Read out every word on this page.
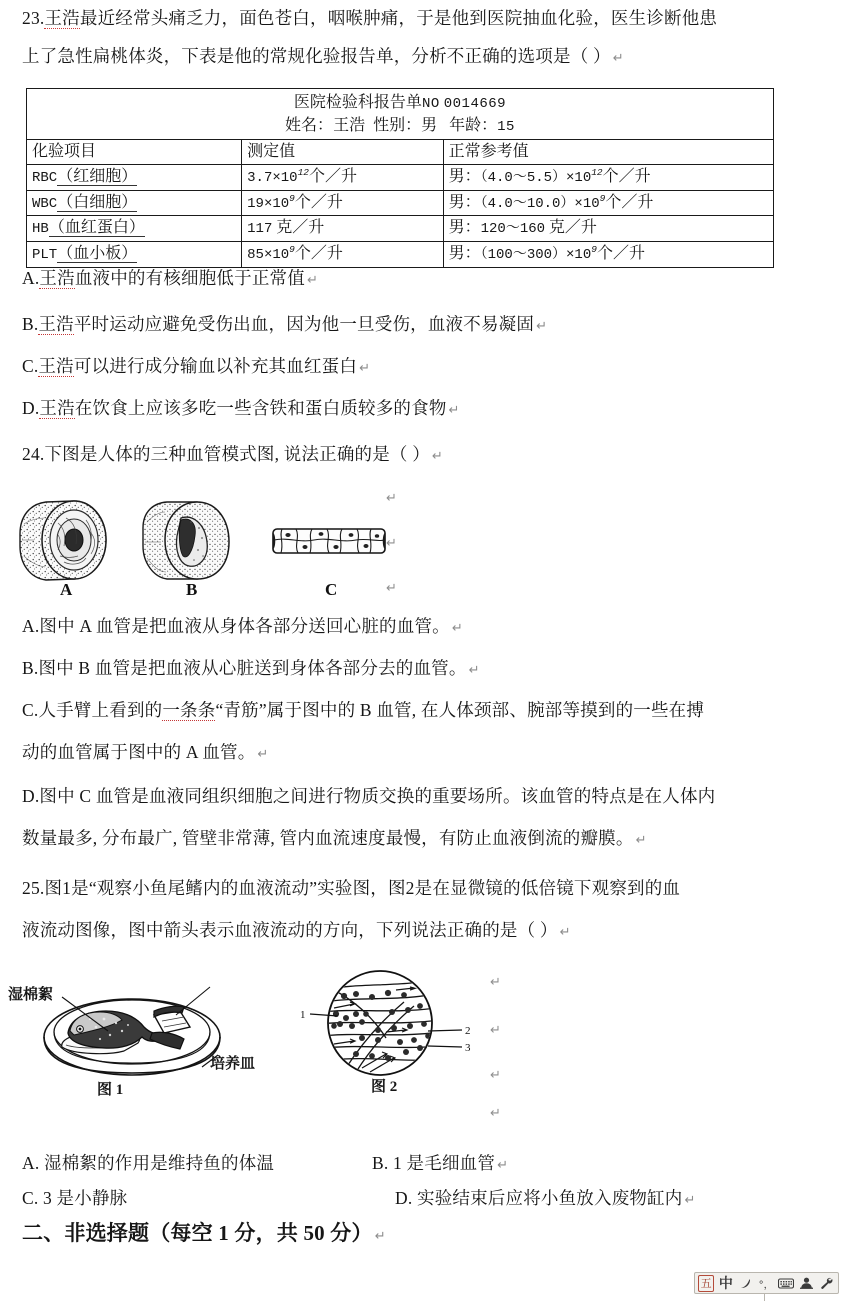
23.王浩最近经常头痛乏力，面色苍白，咽喉肿痛，于是他到医院抽血化验，医生诊断他患
上了急性扁桃体炎，下表是他的常规化验报告单，分析不正确的选项是（ ） ↵
医院检验科报告单NO 0014669		
姓名：王浩 性别：男 年龄：15		
化验项目	测定值	正常参考值
RBC（红细胞）	$3.7\times 10^{12}$个／升	男：$(4.0\sim 5.5)\times 10^{12}$个／升
WBC（白细胞）	$19\times 10^9$个／升	男：$(4.0\sim 10.0)\times 10^9$个／升
HB（血红蛋白）	117 克／升	男：120～160 克／升
PLT（血小板）	$85\times 10^9$个／升	男：$(100\sim 300)\times 10^9$个／升
A.王浩血液中的有核细胞低于正常值 ↵
B.王浩平时运动应避免受伤出血，因为他一旦受伤，血液不易凝固 ↵
C.王浩可以进行成分输血以补充其血红蛋白 ↵
D.王浩在饮食上应该多吃一些含铁和蛋白质较多的食物 ↵
24.下图是人体的三种血管模式图, 说法正确的是（ ） ↵
A	B	C
↵
↵
↵
A.图中 A 血管是把血液从身体各部分送回心脏的血管。 ↵
B.图中 B 血管是把血液从心脏送到身体各部分去的血管。 ↵
C.人手臂上看到的一条条“青筋”属于图中的 B 血管, 在人体颈部、腕部等摸到的一些在搏
动的血管属于图中的 A 血管。 ↵
D.图中 C 血管是血液同组织细胞之间进行物质交换的重要场所。该血管的特点是在人体内
数量最多, 分布最广, 管壁非常薄, 管内血流速度最慢，有防止血液倒流的瓣膜。 ↵
25.图1是“观察小鱼尾鳍内的血液流动”实验图，图2是在显微镜的低倍镜下观察到的血
液流动图像，图中箭头表示血液流动的方向，下列说法正确的是（ ） ↵
湿棉絮
培养皿
图 1
1
2
3
图 2
↵
↵
↵
↵
A. 湿棉絮的作用是维持鱼的体温	B. 1 是毛细血管 ↵
C. 3 是小静脉	D. 实验结束后应将小鱼放入废物缸内 ↵
二、非选择题（每空 1 分，共 50 分） ↵
五 中	°，
